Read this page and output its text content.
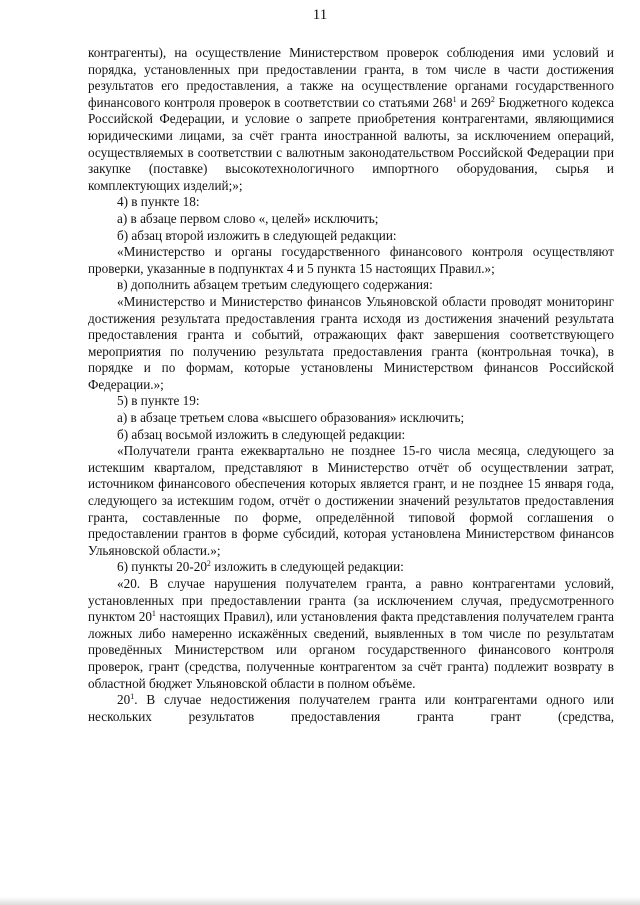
11

контрагенты), на осуществление Министерством проверок соблюдения ими условий и порядка, установленных при предоставлении гранта, в том числе в части достижения результатов его предоставления, а также на осуществление органами государственного финансового контроля проверок в соответствии со статьями $268^1$ и $269^2$ Бюджетного кодекса Российской Федерации, и условие о запрете приобретения контрагентами, являющимися юридическими лицами, за счёт гранта иностранной валюты, за исключением операций, осуществляемых в соответствии с валютным законодательством Российской Федерации при закупке (поставке) высокотехнологичного импортного оборудования, сырья и комплектующих изделий;»;

4) в пункте 18:

а) в абзаце первом слово «, целей» исключить;

б) абзац второй изложить в следующей редакции:

«Министерство и органы государственного финансового контроля осуществляют проверки, указанные в подпунктах 4 и 5 пункта 15 настоящих Правил.»;

в) дополнить абзацем третьим следующего содержания:

«Министерство и Министерство финансов Ульяновской области проводят мониторинг достижения результата предоставления гранта исходя из достижения значений результата предоставления гранта и событий, отражающих факт завершения соответствующего мероприятия по получению результата предоставления гранта (контрольная точка), в порядке и по формам, которые установлены Министерством финансов Российской Федерации.»;

5) в пункте 19:

а) в абзаце третьем слова «высшего образования» исключить;

б) абзац восьмой изложить в следующей редакции:

«Получатели гранта ежеквартально не позднее 15-го числа месяца, следующего за истекшим кварталом, представляют в Министерство отчёт об осуществлении затрат, источником финансового обеспечения которых является грант, и не позднее 15 января года, следующего за истекшим годом, отчёт о достижении значений результатов предоставления гранта, составленные по форме, определённой типовой формой соглашения о предоставлении грантов в форме субсидий, которая установлена Министерством финансов Ульяновской области.»;

6) пункты $20-20^2$ изложить в следующей редакции:

«20. В случае нарушения получателем гранта, а равно контрагентами условий, установленных при предоставлении гранта (за исключением случая, предусмотренного пунктом $20^1$ настоящих Правил), или установления факта представления получателем гранта ложных либо намеренно искажённых сведений, выявленных в том числе по результатам проведённых Министерством или органом государственного финансового контроля проверок, грант (средства, полученные контрагентом за счёт гранта) подлежит возврату в областной бюджет Ульяновской области в полном объёме.

$20^1$. В случае недостижения получателем гранта или контрагентами одного или нескольких результатов предоставления гранта грант (средства,
